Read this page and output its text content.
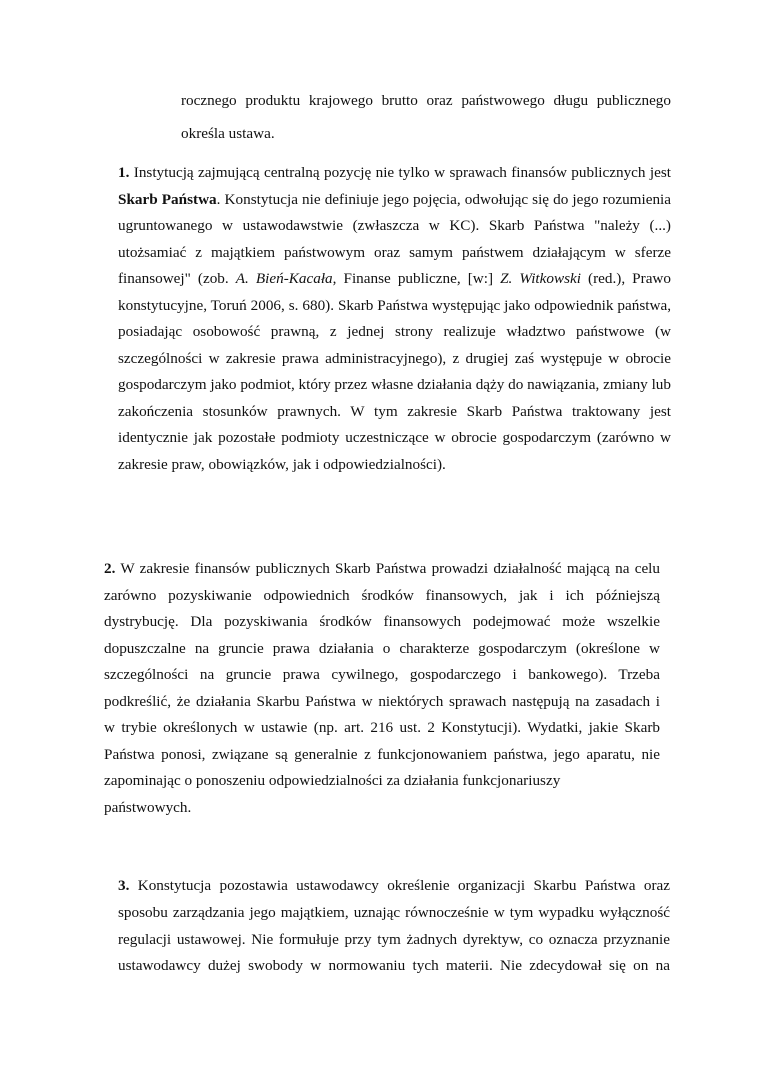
rocznego produktu krajowego brutto oraz państwowego długu publicznego
określa ustawa.
1. Instytucją zajmującą centralną pozycję nie tylko w sprawach finansów publicznych jest
Skarb Państwa. Konstytucja nie definiuje jego pojęcia, odwołując się do jego rozumienia
ugruntowanego w ustawodawstwie (zwłaszcza w KC). Skarb Państwa "należy (...)
utożsamiać z majątkiem państwowym oraz samym państwem działającym w sferze
finansowej" (zob. A. Bień-Kacała, Finanse publiczne, [w:] Z. Witkowski (red.), Prawo
konstytucyjne, Toruń 2006, s. 680). Skarb Państwa występując jako odpowiednik państwa,
posiadając osobowość prawną, z jednej strony realizuje władztwo państwowe (w
szczególności w zakresie prawa administracyjnego), z drugiej zaś występuje w obrocie
gospodarczym jako podmiot, który przez własne działania dąży do nawiązania, zmiany lub
zakończenia stosunków prawnych. W tym zakresie Skarb Państwa traktowany jest
identycznie jak pozostałe podmioty uczestniczące w obrocie gospodarczym (zarówno w
zakresie praw, obowiązków, jak i odpowiedzialności).
2. W zakresie finansów publicznych Skarb Państwa prowadzi działalność mającą na celu
zarówno pozyskiwanie odpowiednich środków finansowych, jak i ich późniejszą
dystrybucję. Dla pozyskiwania środków finansowych podejmować może wszelkie
dopuszczalne na gruncie prawa działania o charakterze gospodarczym (określone w
szczególności na gruncie prawa cywilnego, gospodarczego i bankowego). Trzeba
podkreślić, że działania Skarbu Państwa w niektórych sprawach następują na zasadach i
w trybie określonych w ustawie (np. art. 216 ust. 2 Konstytucji). Wydatki, jakie Skarb
Państwa ponosi, związane są generalnie z funkcjonowaniem państwa, jego aparatu, nie
zapominając o ponoszeniu odpowiedzialności za działania funkcjonariuszy
państwowych.
3. Konstytucja pozostawia ustawodawcy określenie organizacji Skarbu Państwa oraz
sposobu zarządzania jego majątkiem, uznając równocześnie w tym wypadku wyłączność
regulacji ustawowej. Nie formułuje przy tym żadnych dyrektyw, co oznacza przyznanie
ustawodawcy dużej swobody w normowaniu tych materii. Nie zdecydował się on na
